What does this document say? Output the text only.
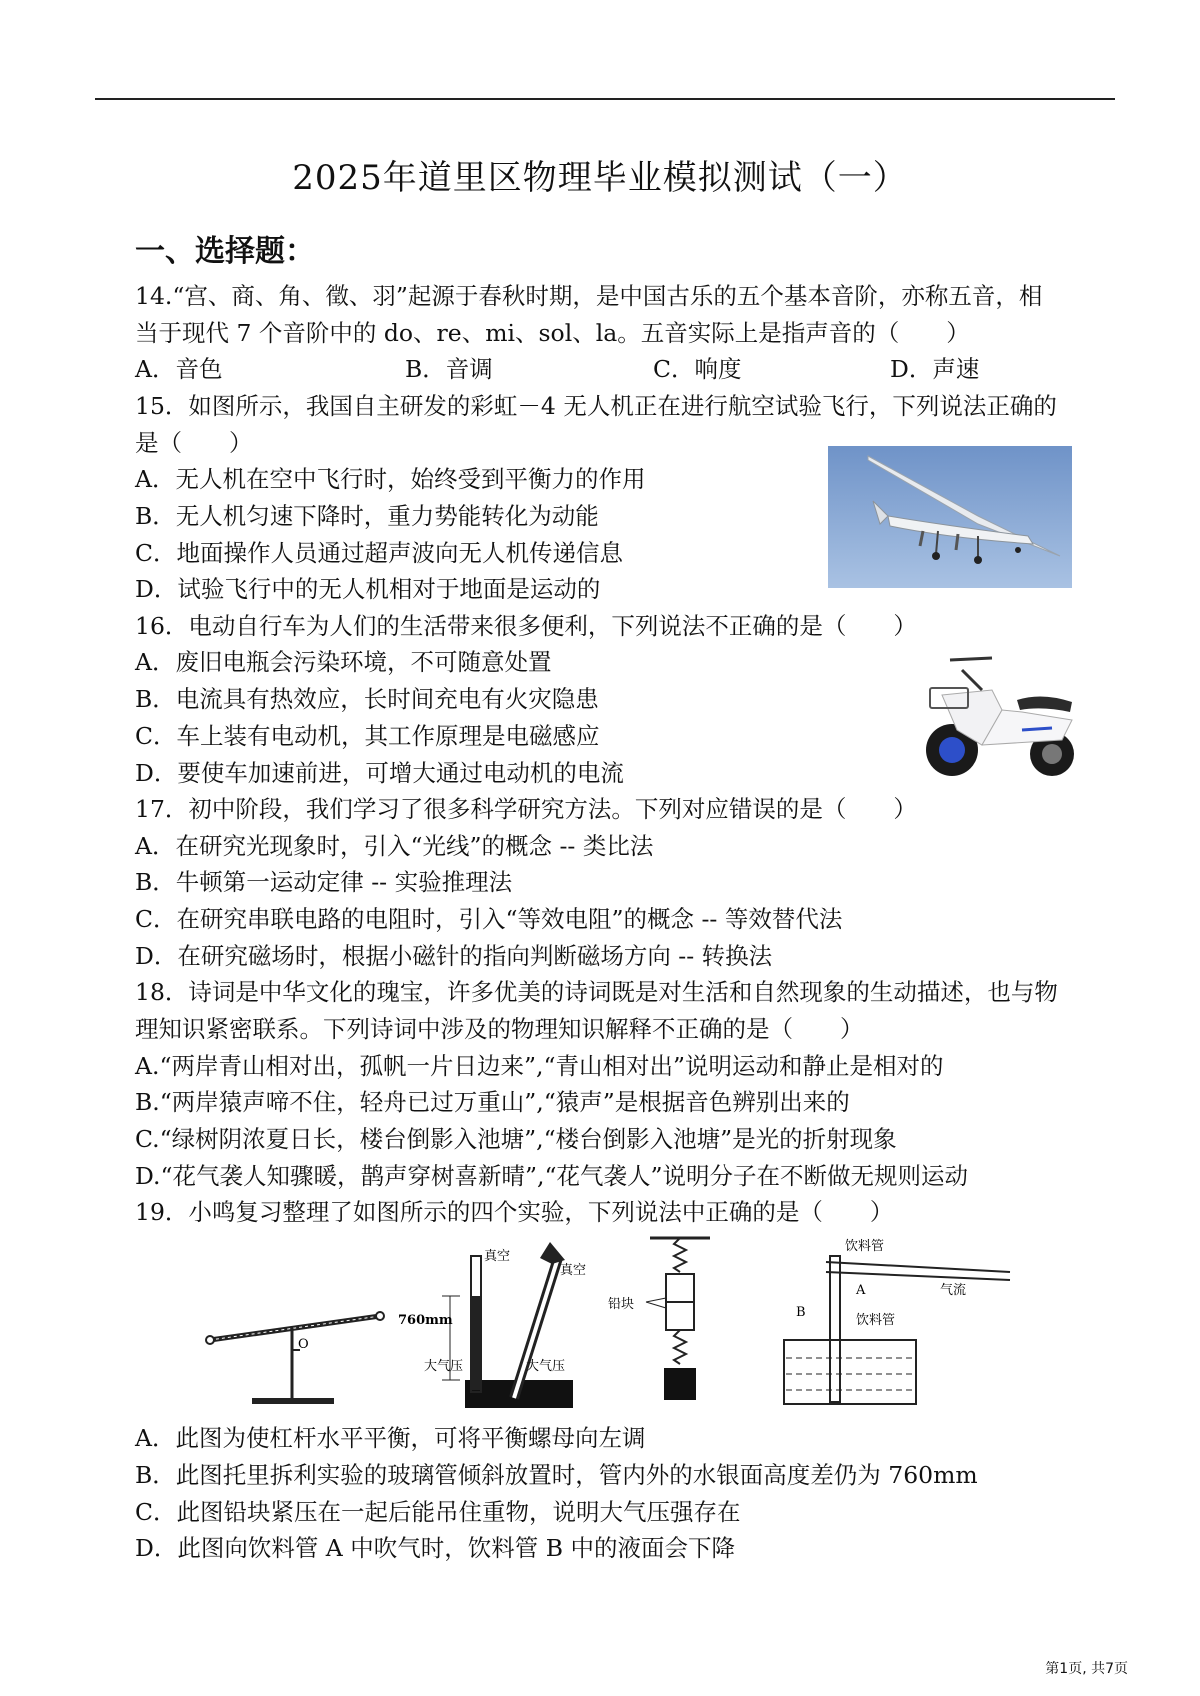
2025年道里区物理毕业模拟测试（一）
一、选择题：
14.“宫、商、角、徵、羽”起源于春秋时期，是中国古乐的五个基本音阶，亦称五音，相
当于现代 7 个音阶中的 do、re、mi、sol、la。五音实际上是指声音的（　　）
A．音色	B．音调	C．响度	D．声速
15．如图所示，我国自主研发的彩虹－4 无人机正在进行航空试验飞行，下列说法正确的
是（　　）
A．无人机在空中飞行时，始终受到平衡力的作用
B．无人机匀速下降时，重力势能转化为动能
C．地面操作人员通过超声波向无人机传递信息
D．试验飞行中的无人机相对于地面是运动的
16．电动自行车为人们的生活带来很多便利，下列说法不正确的是（　　）
A．废旧电瓶会污染环境，不可随意处置
B．电流具有热效应，长时间充电有火灾隐患
C．车上装有电动机，其工作原理是电磁感应
D．要使车加速前进，可增大通过电动机的电流
17．初中阶段，我们学习了很多科学研究方法。下列对应错误的是（　　）
A．在研究光现象时，引入“光线”的概念 -- 类比法
B．牛顿第一运动定律 -- 实验推理法
C．在研究串联电路的电阻时，引入“等效电阻”的概念 -- 等效替代法
D．在研究磁场时，根据小磁针的指向判断磁场方向 -- 转换法
18．诗词是中华文化的瑰宝，许多优美的诗词既是对生活和自然现象的生动描述，也与物
理知识紧密联系。下列诗词中涉及的物理知识解释不正确的是（　　）
A.“两岸青山相对出，孤帆一片日边来”,“青山相对出”说明运动和静止是相对的
B.“两岸猿声啼不住，轻舟已过万重山”,“猿声”是根据音色辨别出来的
C.“绿树阴浓夏日长，楼台倒影入池塘”,“楼台倒影入池塘”是光的折射现象
D.“花气袭人知骤暖，鹊声穿树喜新晴”,“花气袭人”说明分子在不断做无规则运动
19．小鸣复习整理了如图所示的四个实验，下列说法中正确的是（　　）
O
真空
真空
760mm
大气压	大气压
铅块
饮料管
A	气流
B
饮料管
A．此图为使杠杆水平平衡，可将平衡螺母向左调
B．此图托里拆利实验的玻璃管倾斜放置时，管内外的水银面高度差仍为 760mm
C．此图铅块紧压在一起后能吊住重物，说明大气压强存在
D．此图向饮料管 A 中吹气时，饮料管 B 中的液面会下降
第1页, 共7页
